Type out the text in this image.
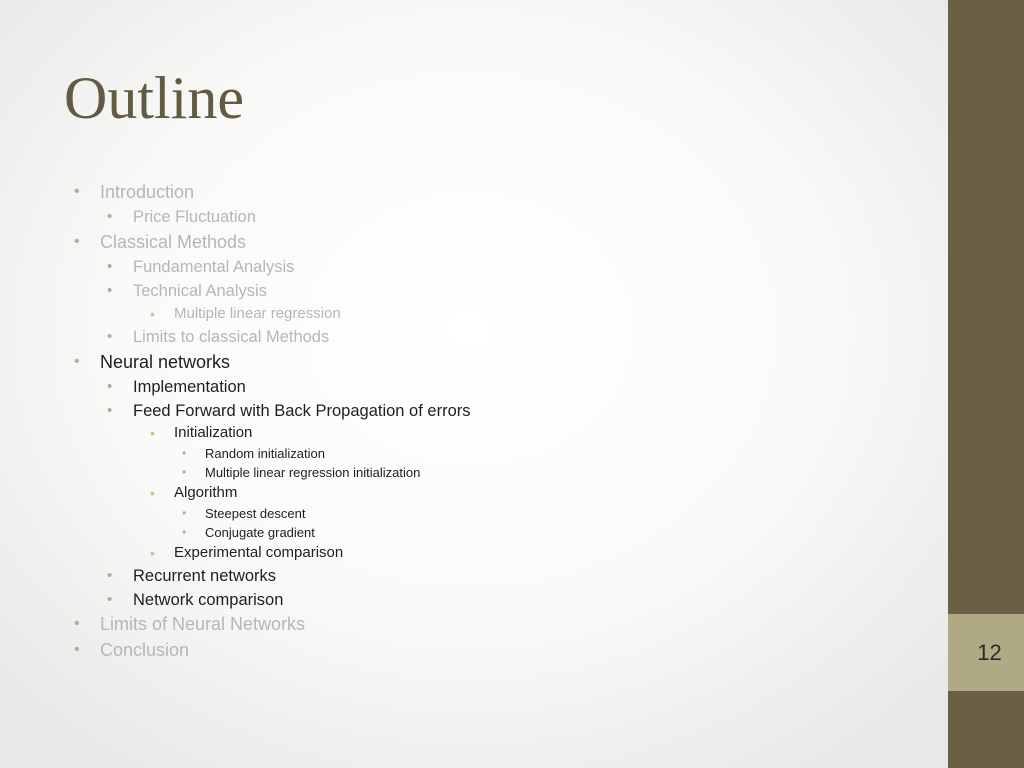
Outline
• Introduction
• Price Fluctuation
• Classical Methods
• Fundamental Analysis
• Technical Analysis
• Multiple linear regression
• Limits to classical Methods
• Neural networks
• Implementation
• Feed Forward with Back Propagation of errors
• Initialization
• Random initialization
• Multiple linear regression initialization
• Algorithm
• Steepest descent
• Conjugate gradient
• Experimental comparison
• Recurrent networks
• Network comparison
• Limits of Neural Networks
• Conclusion	12
